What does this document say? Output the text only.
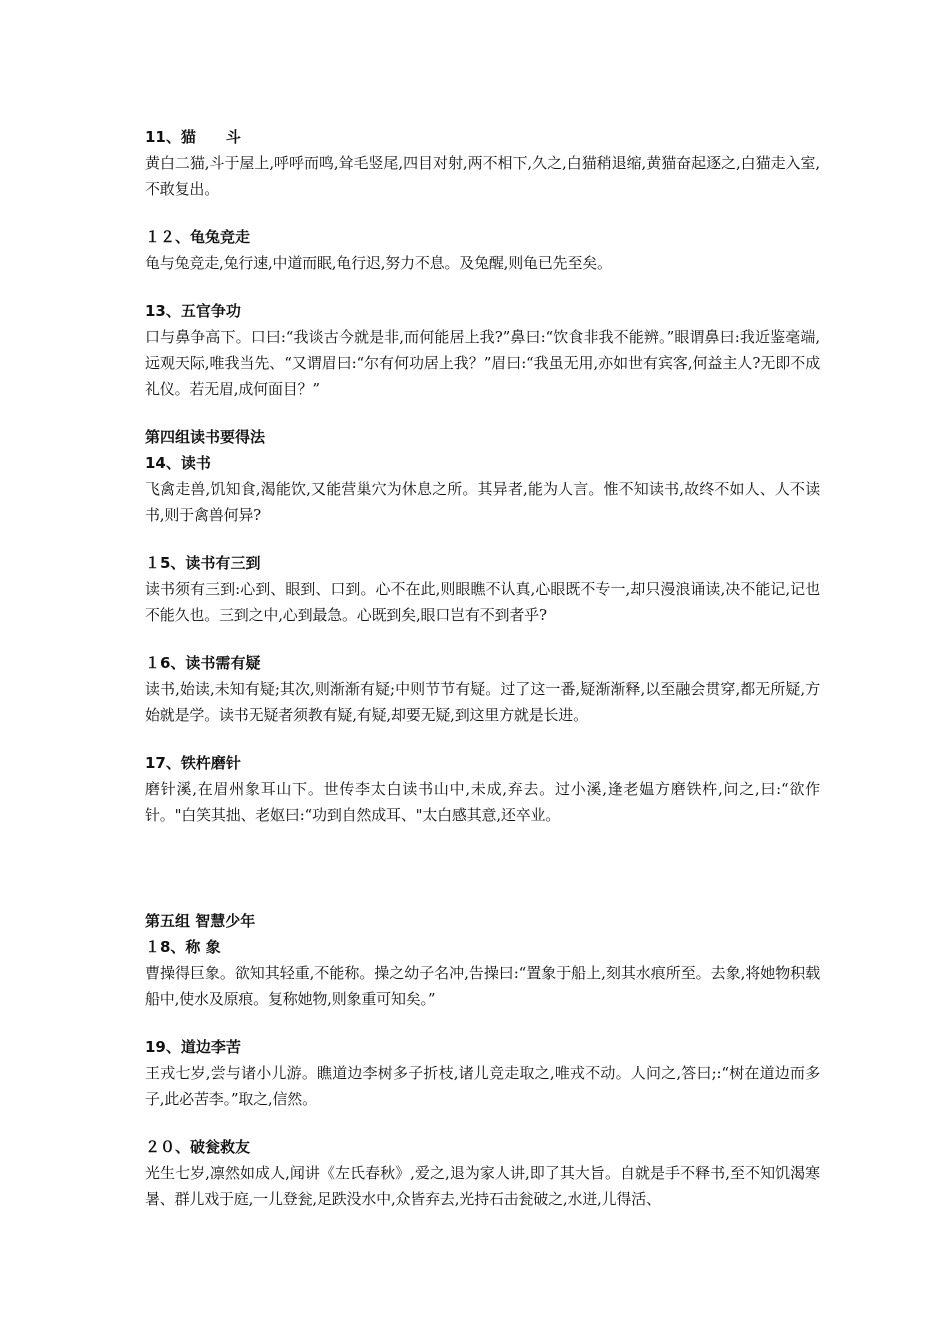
11、猫　　斗

黄白二猫,斗于屋上,呼呼而鸣,耸毛竖尾,四目对射,两不相下,久之,白猫稍退缩,黄猫奋起逐之,白猫走入室,不敢复出。

１２、龟兔竞走

龟与兔竞走,兔行速,中道而眠,龟行迟,努力不息。及兔醒,则龟已先至矣。

13、五官争功

口与鼻争高下。口曰:“我谈古今就是非,而何能居上我?”鼻曰:“饮食非我不能辨。”眼谓鼻曰:我近鉴毫端,远观天际,唯我当先、“又谓眉曰:“尔有何功居上我？”眉曰:“我虽无用,亦如世有宾客,何益主人?无即不成礼仪。若无眉,成何面目？”

第四组读书要得法

14、读书

飞禽走兽,饥知食,渴能饮,又能营巢穴为休息之所。其异者,能为人言。惟不知读书,故终不如人、人不读书,则于禽兽何异?

１5、读书有三到

读书须有三到:心到、眼到、口到。心不在此,则眼瞧不认真,心眼既不专一,却只漫浪诵读,决不能记,记也不能久也。三到之中,心到最急。心既到矣,眼口岂有不到者乎?

１6、读书需有疑

读书,始读,未知有疑;其次,则渐渐有疑;中则节节有疑。过了这一番,疑渐渐释,以至融会贯穿,都无所疑,方始就是学。读书无疑者须教有疑,有疑,却要无疑,到这里方就是长进。

17、铁杵磨针

磨针溪,在眉州象耳山下。世传李太白读书山中,未成,弃去。过小溪,逢老媪方磨铁杵,问之,曰:“欲作针。"白笑其拙、老妪曰:“功到自然成耳、"太白感其意,还卒业。

第五组 智慧少年

１8、称 象

曹操得巨象。欲知其轻重,不能称。操之幼子名冲,告操曰:“置象于船上,刻其水痕所至。去象,将她物积载船中,使水及原痕。复称她物,则象重可知矣。”

19、道边李苦

王戎七岁,尝与诸小儿游。瞧道边李树多子折枝,诸儿竞走取之,唯戎不动。人问之,答曰;:“树在道边而多子,此必苦李。”取之,信然。

２０、破瓮救友

光生七岁,凛然如成人,闻讲《左氏春秋》,爱之,退为家人讲,即了其大旨。自就是手不释书,至不知饥渴寒暑、群儿戏于庭,一儿登瓮,足跌没水中,众皆弃去,光持石击瓮破之,水迸,儿得活、
